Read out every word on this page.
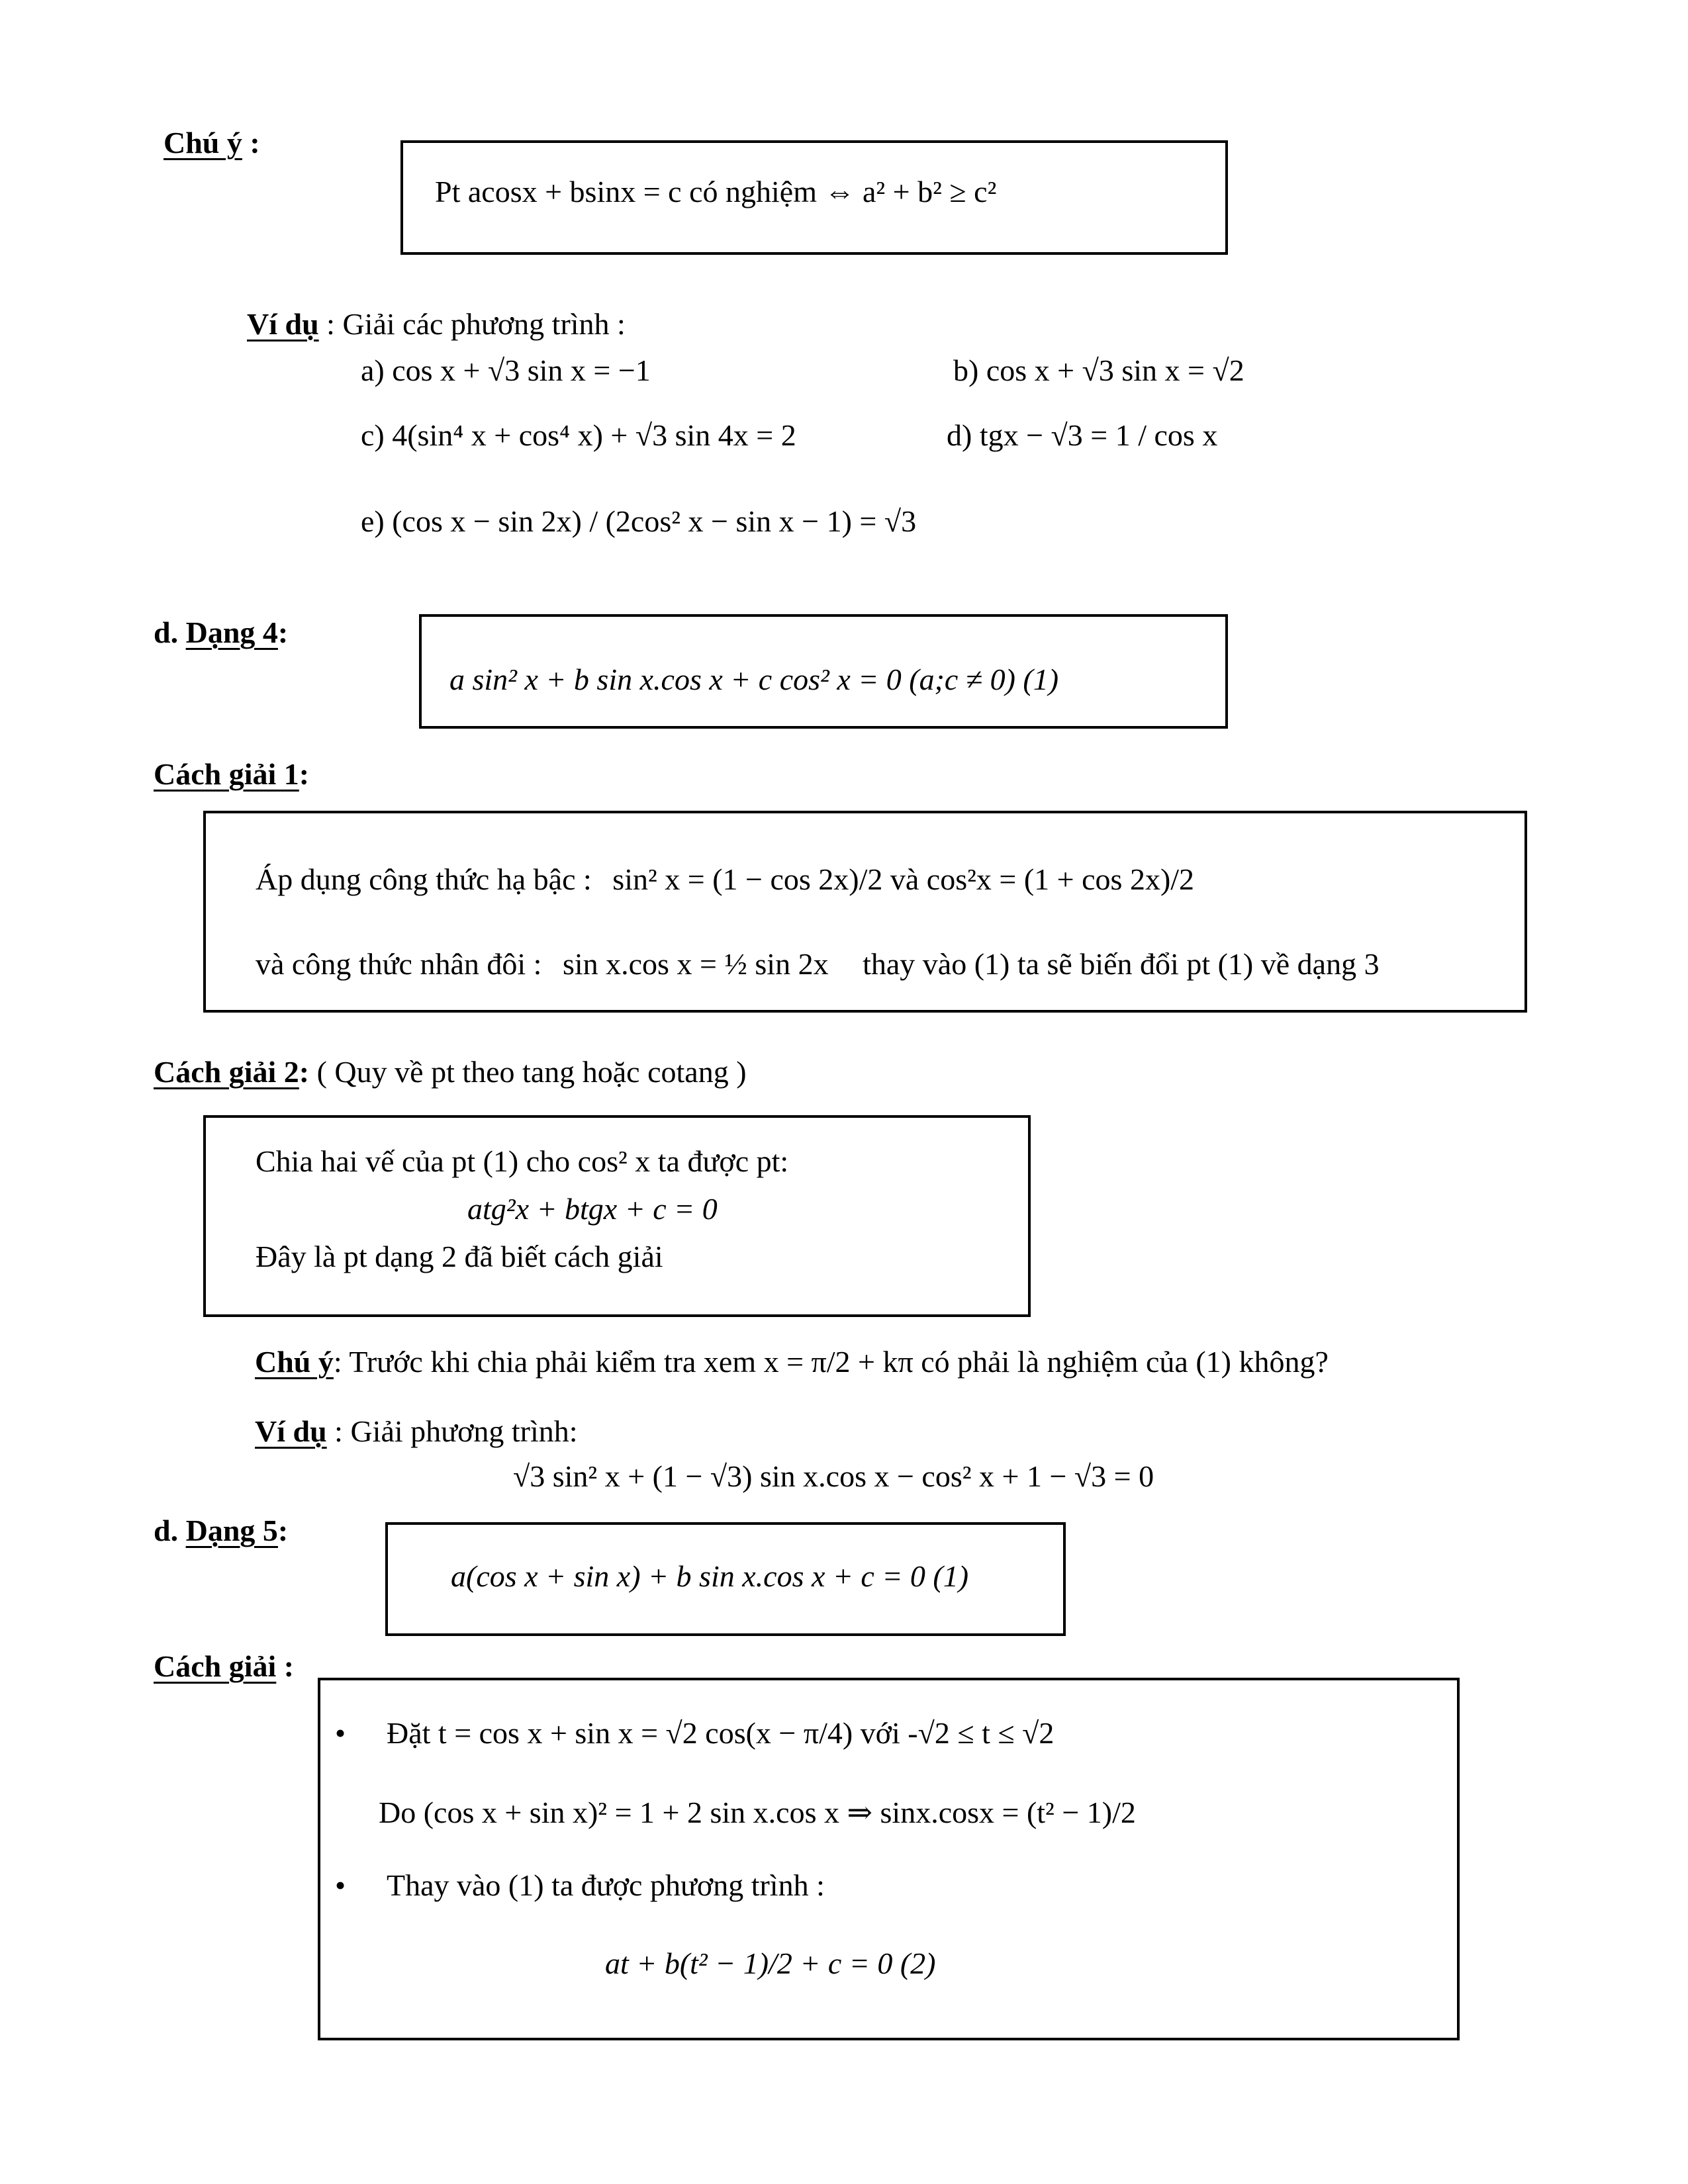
Chú ý :
Pt acosx + bsinx = c có nghiệm ⇔ a² + b² ≥ c²
Ví dụ : Giải các phương trình :
a) cos x + √3 sin x = −1	b) cos x + √3 sin x = √2
c) 4(sin⁴ x + cos⁴ x) + √3 sin 4x = 2	d) tgx − √3 = 1 / cos x
e) (cos x − sin 2x) / (2cos² x − sin x − 1) = √3
d. Dạng 4:
a sin² x + b sin x.cos x + c cos² x = 0 (a;c ≠ 0) (1)
Cách giải 1:
Áp dụng công thức hạ bậc : sin² x = (1 − cos 2x)/2 và cos²x = (1 + cos 2x)/2
và công thức nhân đôi : sin x.cos x = ½ sin 2x thay vào (1) ta sẽ biến đổi pt (1) về dạng 3
Cách giải 2: ( Quy về pt theo tang hoặc cotang )
Chia hai vế của pt (1) cho cos² x ta được pt:
atg²x + btgx + c = 0
Đây là pt dạng 2 đã biết cách giải
Chú ý: Trước khi chia phải kiểm tra xem x = π/2 + kπ có phải là nghiệm của (1) không?
Ví dụ : Giải phương trình:
√3 sin² x + (1 − √3) sin x.cos x − cos² x + 1 − √3 = 0
d. Dạng 5:
a(cos x + sin x) + b sin x.cos x + c = 0 (1)
Cách giải :
• Đặt t = cos x + sin x = √2 cos(x − π/4) với -√2 ≤ t ≤ √2
Do (cos x + sin x)² = 1 + 2 sin x.cos x ⇒ sinx.cosx = (t² − 1)/2
• Thay vào (1) ta được phương trình :
at + b(t² − 1)/2 + c = 0 (2)
